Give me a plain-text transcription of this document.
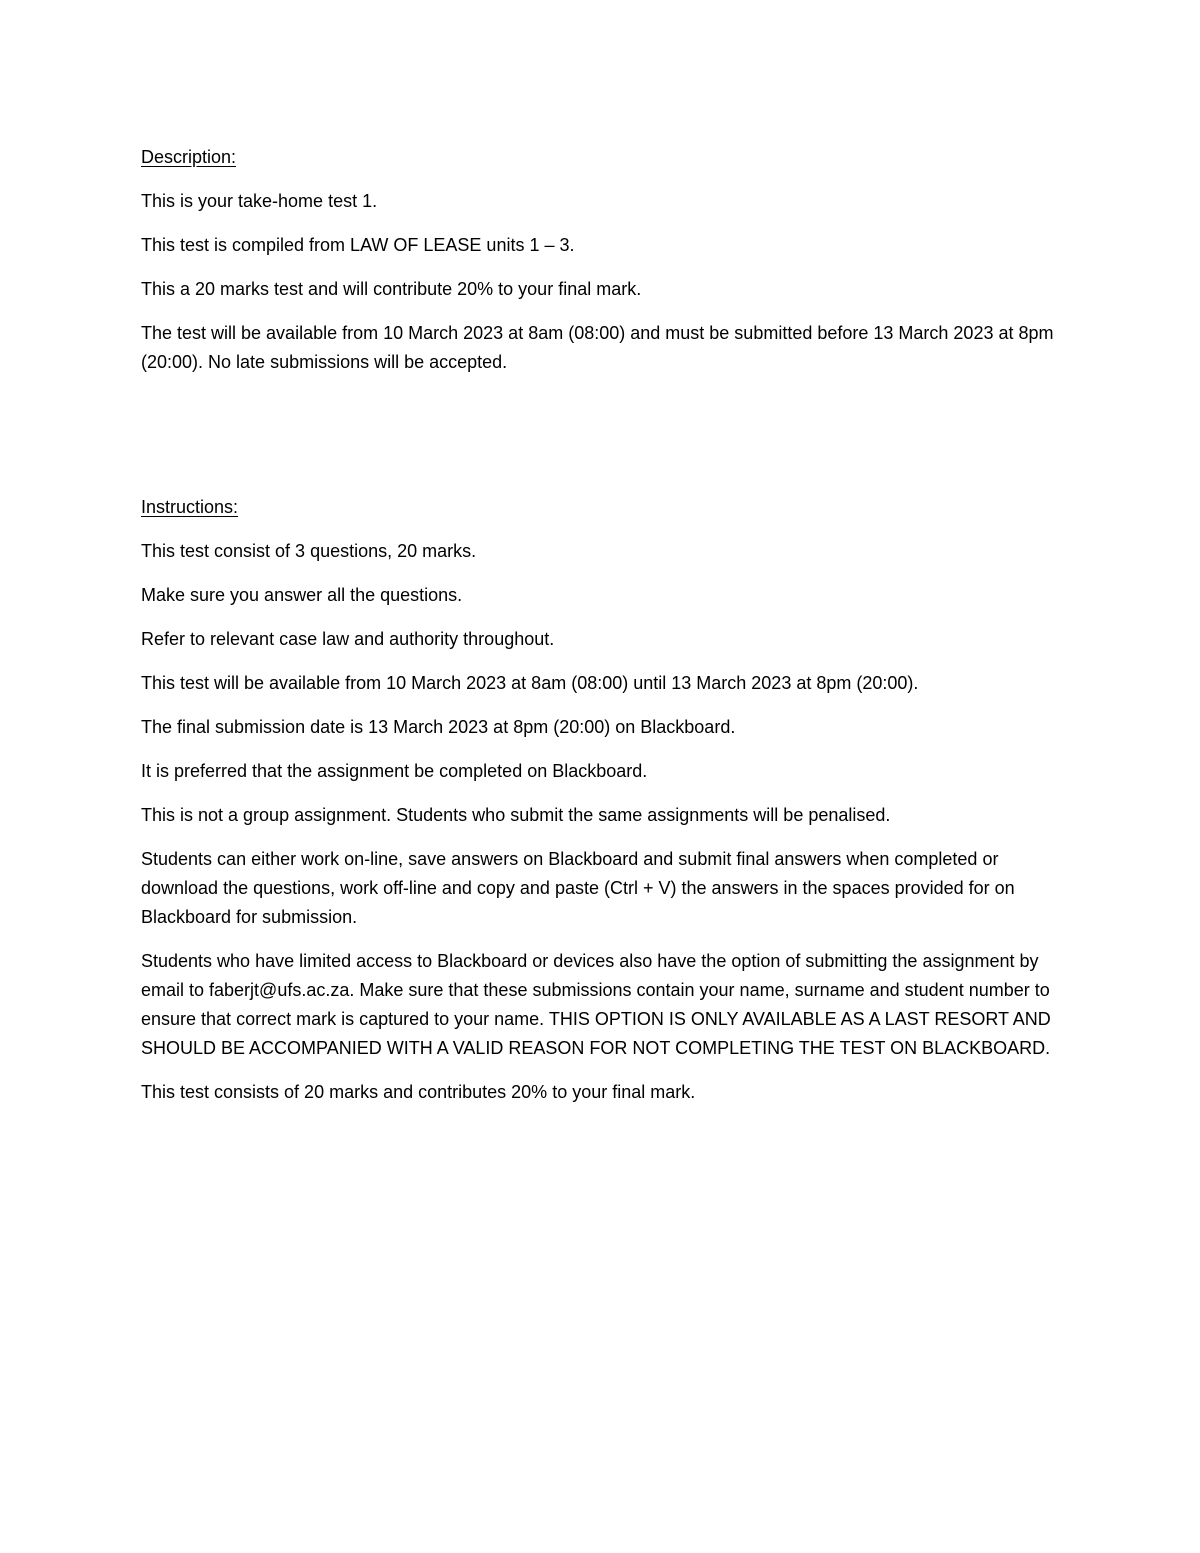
Description:

This is your take-home test 1.

This test is compiled from LAW OF LEASE units 1 – 3.

This a 20 marks test and will contribute 20% to your final mark.

The test will be available from 10 March 2023 at 8am (08:00) and must be submitted before 13 March 2023 at 8pm (20:00). No late submissions will be accepted.

Instructions:

This test consist of 3 questions, 20 marks.

Make sure you answer all the questions.

Refer to relevant case law and authority throughout.

This test will be available from 10 March 2023 at 8am (08:00) until 13 March 2023 at 8pm (20:00).

The final submission date is 13 March 2023 at 8pm (20:00) on Blackboard.

It is preferred that the assignment be completed on Blackboard.

This is not a group assignment. Students who submit the same assignments will be penalised.

Students can either work on-line, save answers on Blackboard and submit final answers when completed or download the questions, work off-line and copy and paste (Ctrl + V) the answers in the spaces provided for on Blackboard for submission.

Students who have limited access to Blackboard or devices also have the option of submitting the assignment by email to faberjt@ufs.ac.za. Make sure that these submissions contain your name, surname and student number to ensure that correct mark is captured to your name. THIS OPTION IS ONLY AVAILABLE AS A LAST RESORT AND SHOULD BE ACCOMPANIED WITH A VALID REASON FOR NOT COMPLETING THE TEST ON BLACKBOARD.

This test consists of 20 marks and contributes 20% to your final mark.
